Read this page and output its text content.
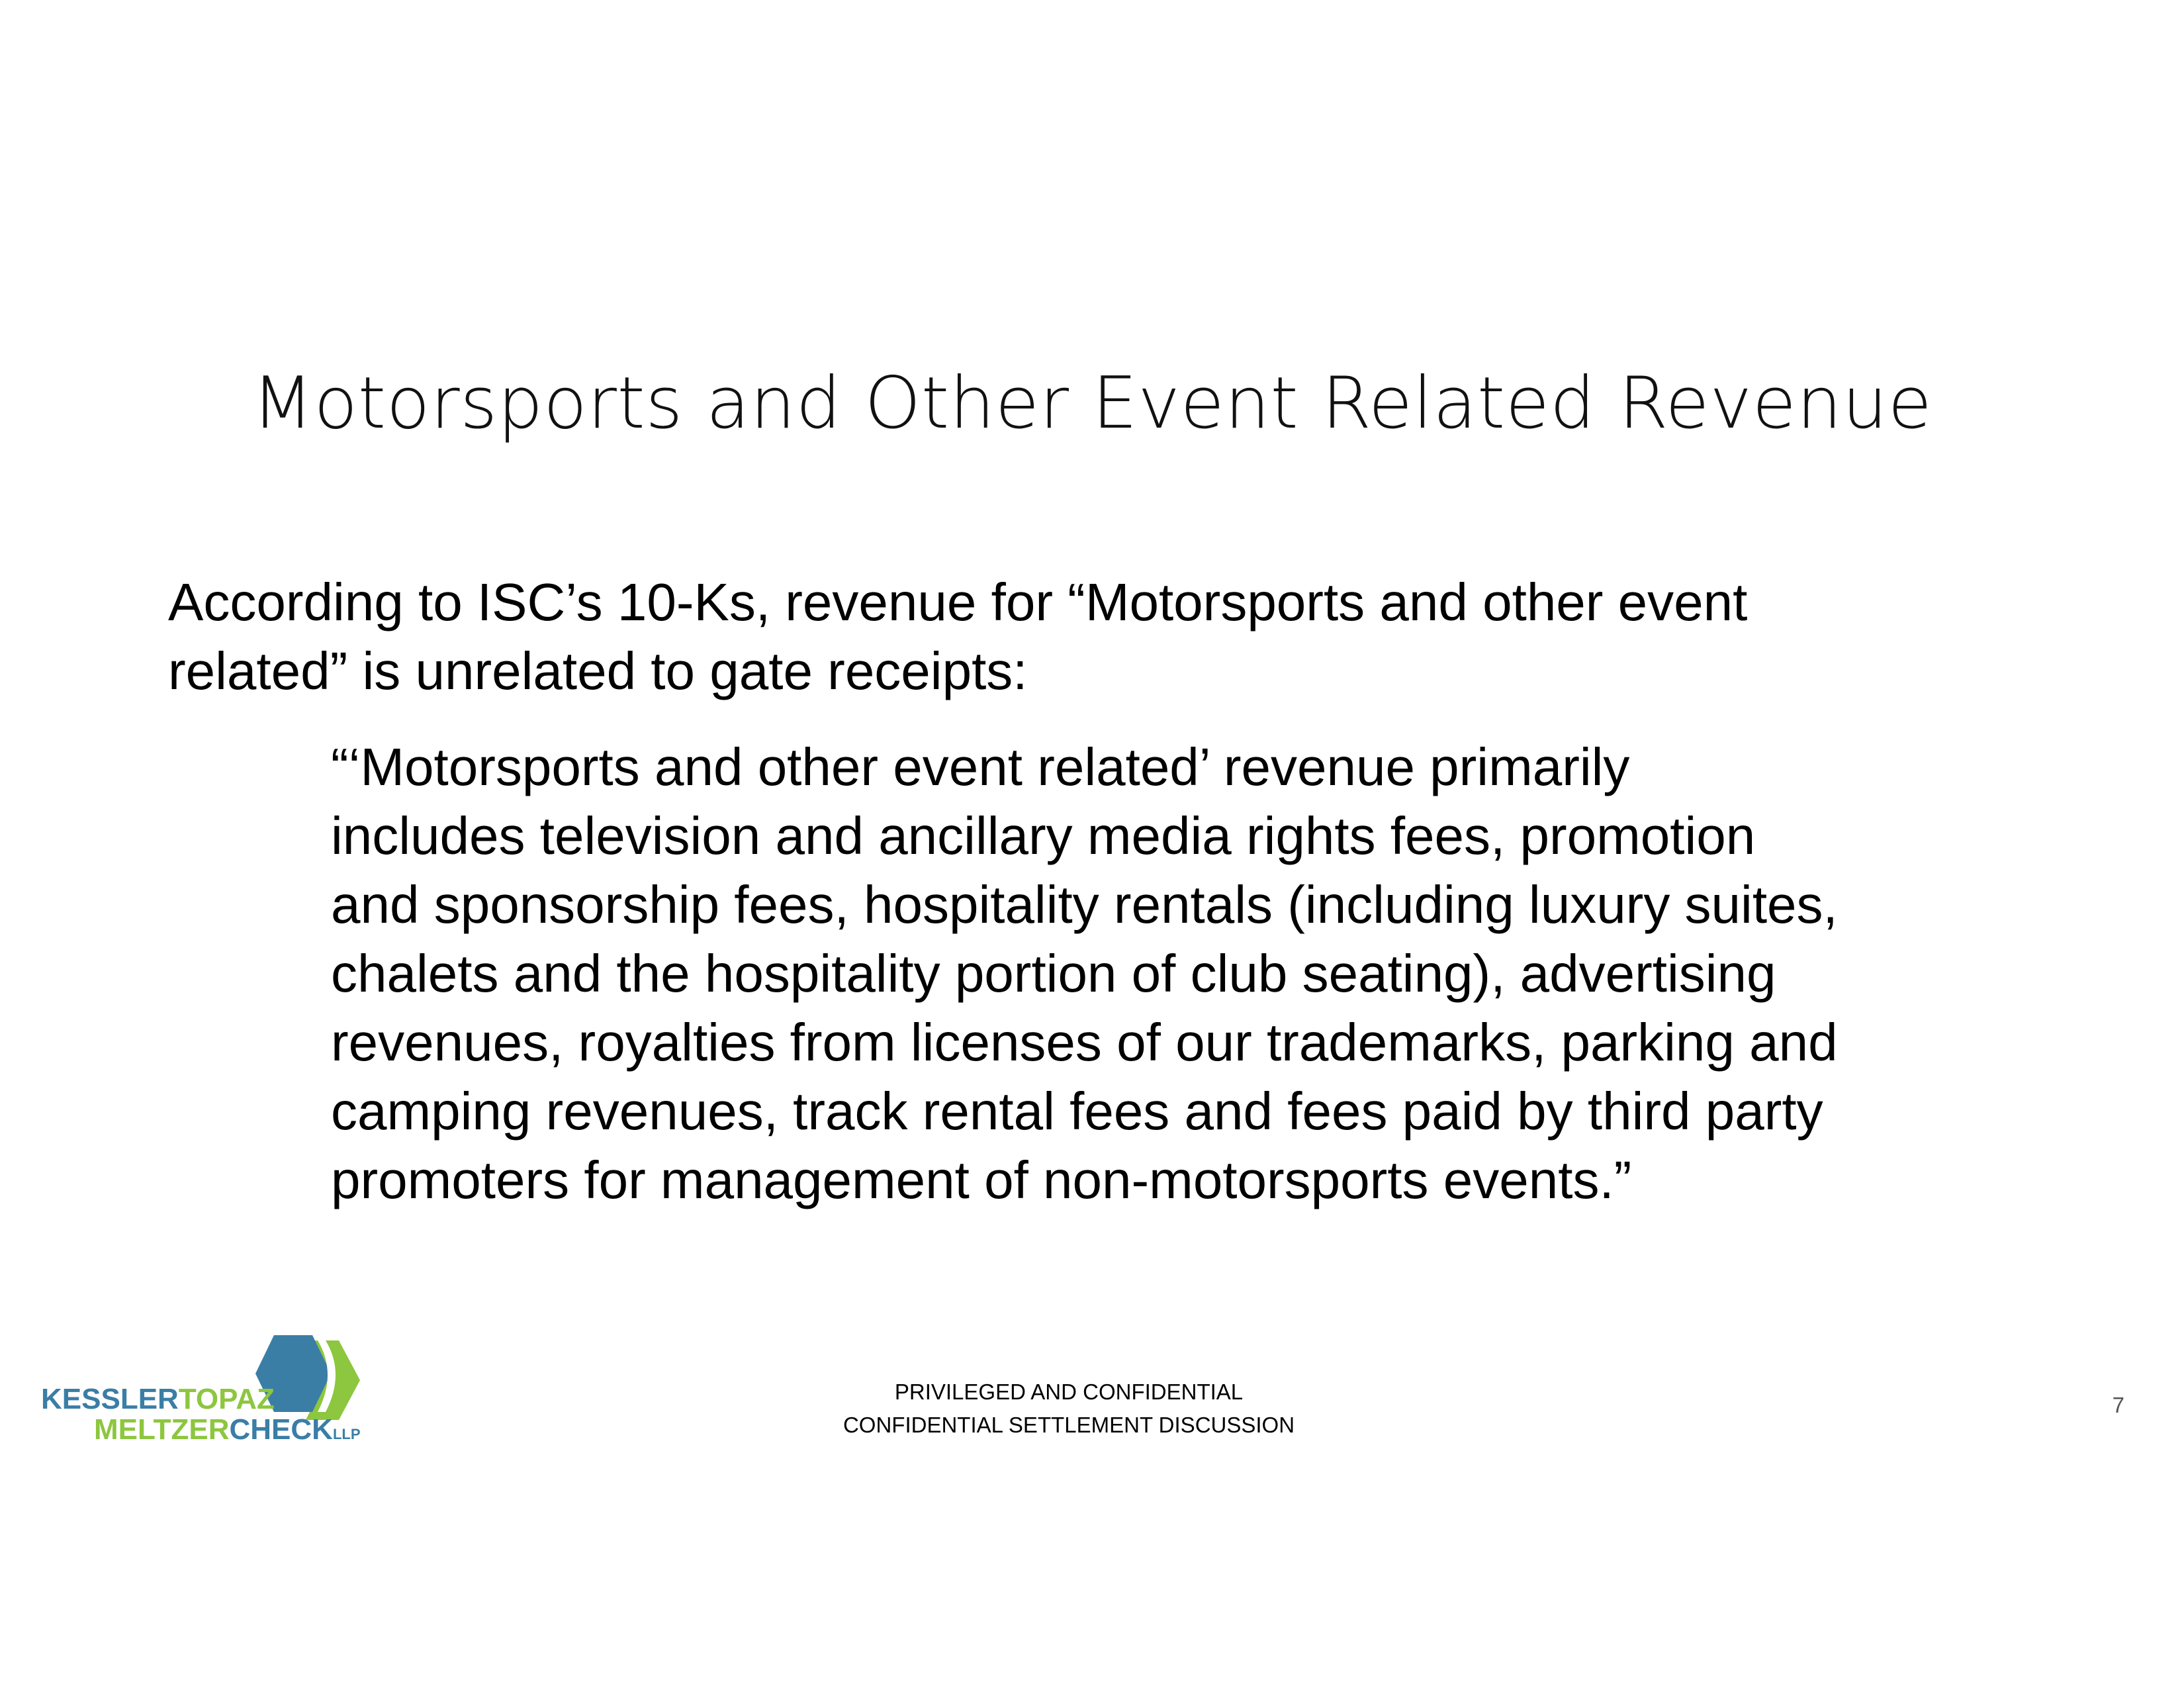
Motorsports and Other Event Related Revenue

According to ISC’s 10-Ks, revenue for “Motorsports and other event
related” is unrelated to gate receipts:

“‘Motorsports and other event related’ revenue primarily
includes television and ancillary media rights fees, promotion
and sponsorship fees, hospitality rentals (including luxury suites,
chalets and the hospitality portion of club seating), advertising
revenues, royalties from licenses of our trademarks, parking and
camping revenues, track rental fees and fees paid by third party
promoters for management of non-motorsports events.”
KESSLERTOPAZ
MELTZERCHECKLLP
PRIVILEGED AND CONFIDENTIAL
CONFIDENTIAL SETTLEMENT DISCUSSION
7
